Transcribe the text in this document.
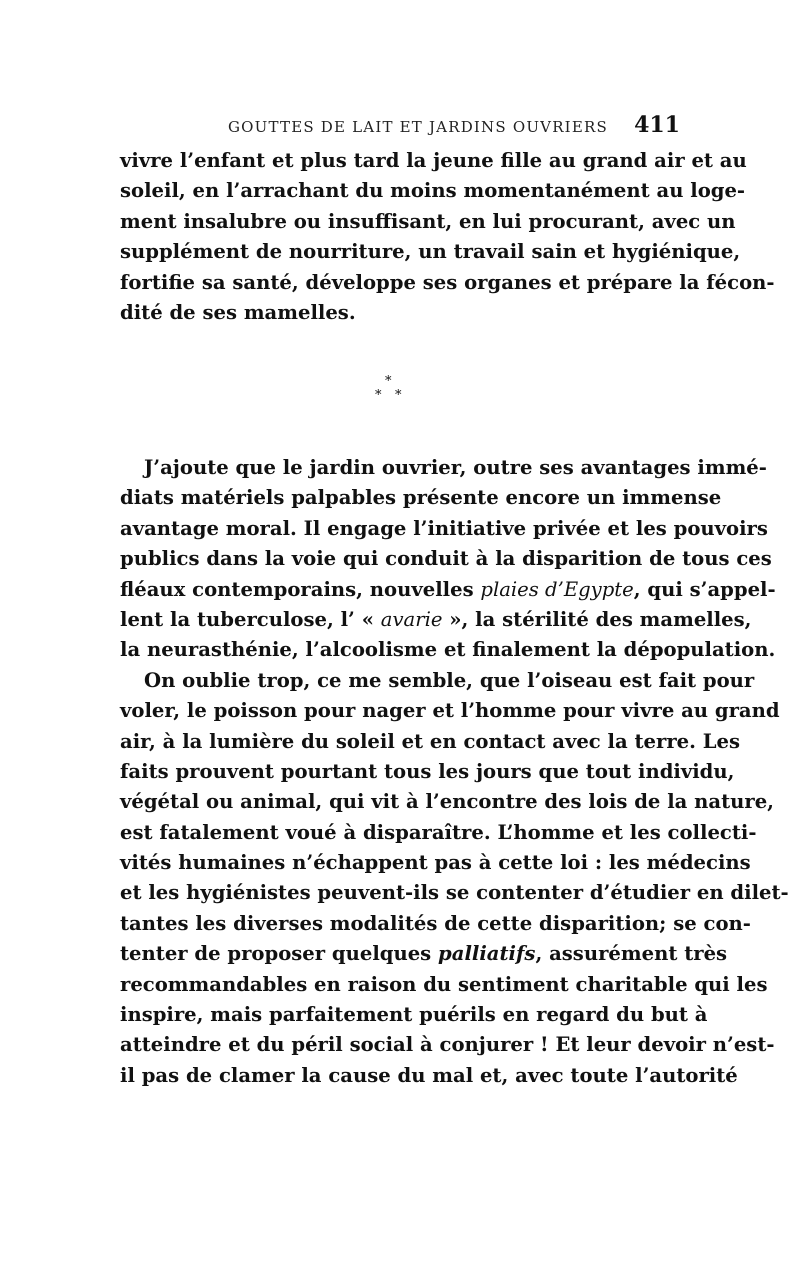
GOUTTES DE LAIT ET JARDINS OUVRIERS 411
vivre l’enfant et plus tard la jeune fille au grand air et au
soleil, en l’arrachant du moins momentanément au loge-
ment insalubre ou insuffisant, en lui procurant, avec un
supplément de nourriture, un travail sain et hygiénique,
fortifie sa santé, développe ses organes et prépare la fécon-
dité de ses mamelles.
*
* *
J’ajoute que le jardin ouvrier, outre ses avantages immé-
diats matériels palpables présente encore un immense
avantage moral. Il engage l’initiative privée et les pouvoirs
publics dans la voie qui conduit à la disparition de tous ces
fléaux contemporains, nouvelles plaies d’Egypte, qui s’appel-
lent la tuberculose, l’ « avarie », la stérilité des mamelles,
la neurasthénie, l’alcoolisme et finalement la dépopulation.
On oublie trop, ce me semble, que l’oiseau est fait pour
voler, le poisson pour nager et l’homme pour vivre au grand
air, à la lumière du soleil et en contact avec la terre. Les
faits prouvent pourtant tous les jours que tout individu,
végétal ou animal, qui vit à l’encontre des lois de la nature,
est fatalement voué à disparaître. L’homme et les collecti-
vités humaines n’échappent pas à cette loi : les médecins
et les hygiénistes peuvent-ils se contenter d’étudier en dilet-
tantes les diverses modalités de cette disparition; se con-
tenter de proposer quelques palliatifs, assurément très
recommandables en raison du sentiment charitable qui les
inspire, mais parfaitement puérils en regard du but à
atteindre et du péril social à conjurer ! Et leur devoir n’est-
il pas de clamer la cause du mal et, avec toute l’autorité
